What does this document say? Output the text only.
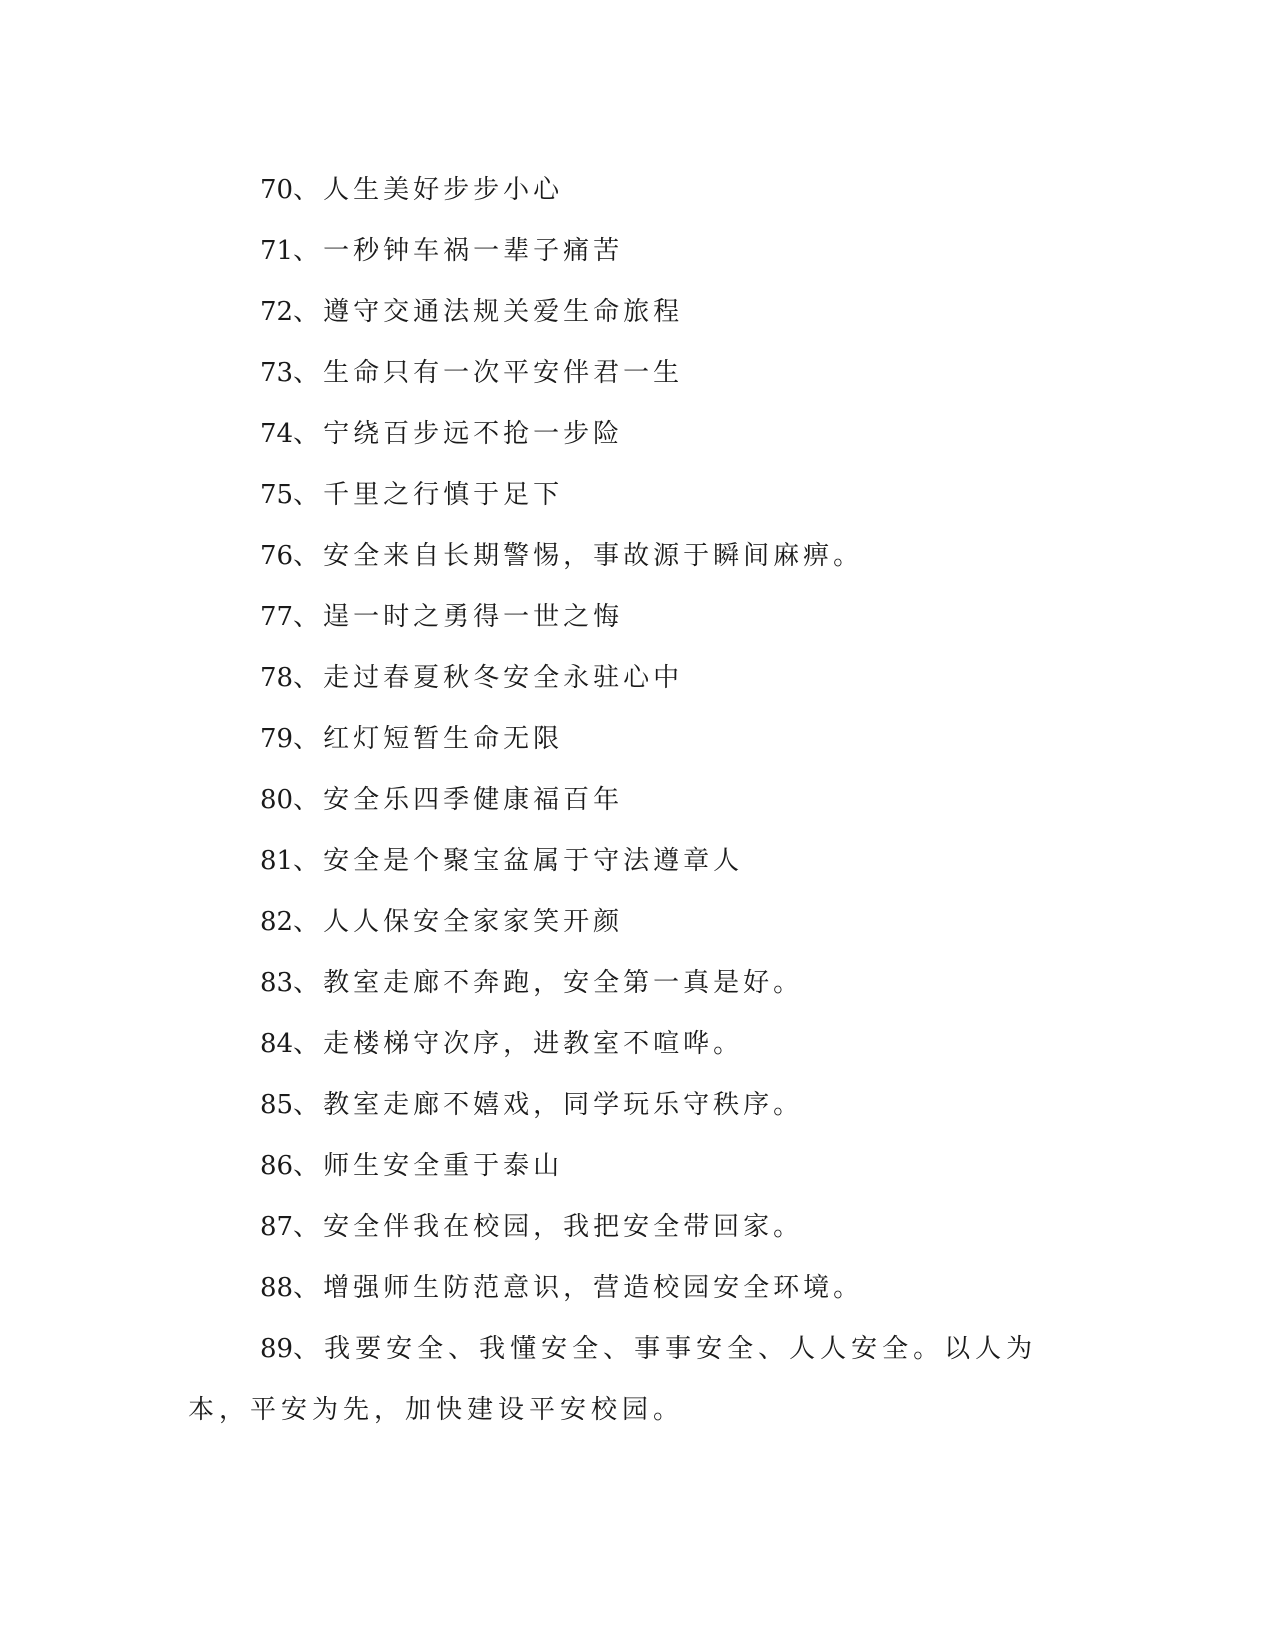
70、人生美好步步小心
71、一秒钟车祸一辈子痛苦
72、遵守交通法规关爱生命旅程
73、生命只有一次平安伴君一生
74、宁绕百步远不抢一步险
75、千里之行慎于足下
76、安全来自长期警惕，事故源于瞬间麻痹。
77、逞一时之勇得一世之悔
78、走过春夏秋冬安全永驻心中
79、红灯短暂生命无限
80、安全乐四季健康福百年
81、安全是个聚宝盆属于守法遵章人
82、人人保安全家家笑开颜
83、教室走廊不奔跑，安全第一真是好。
84、走楼梯守次序，进教室不喧哗。
85、教室走廊不嬉戏，同学玩乐守秩序。
86、师生安全重于泰山
87、安全伴我在校园，我把安全带回家。
88、增强师生防范意识，营造校园安全环境。
89、我要安全、我懂安全、事事安全、人人安全。以人为本，平安为先，加快建设平安校园。
